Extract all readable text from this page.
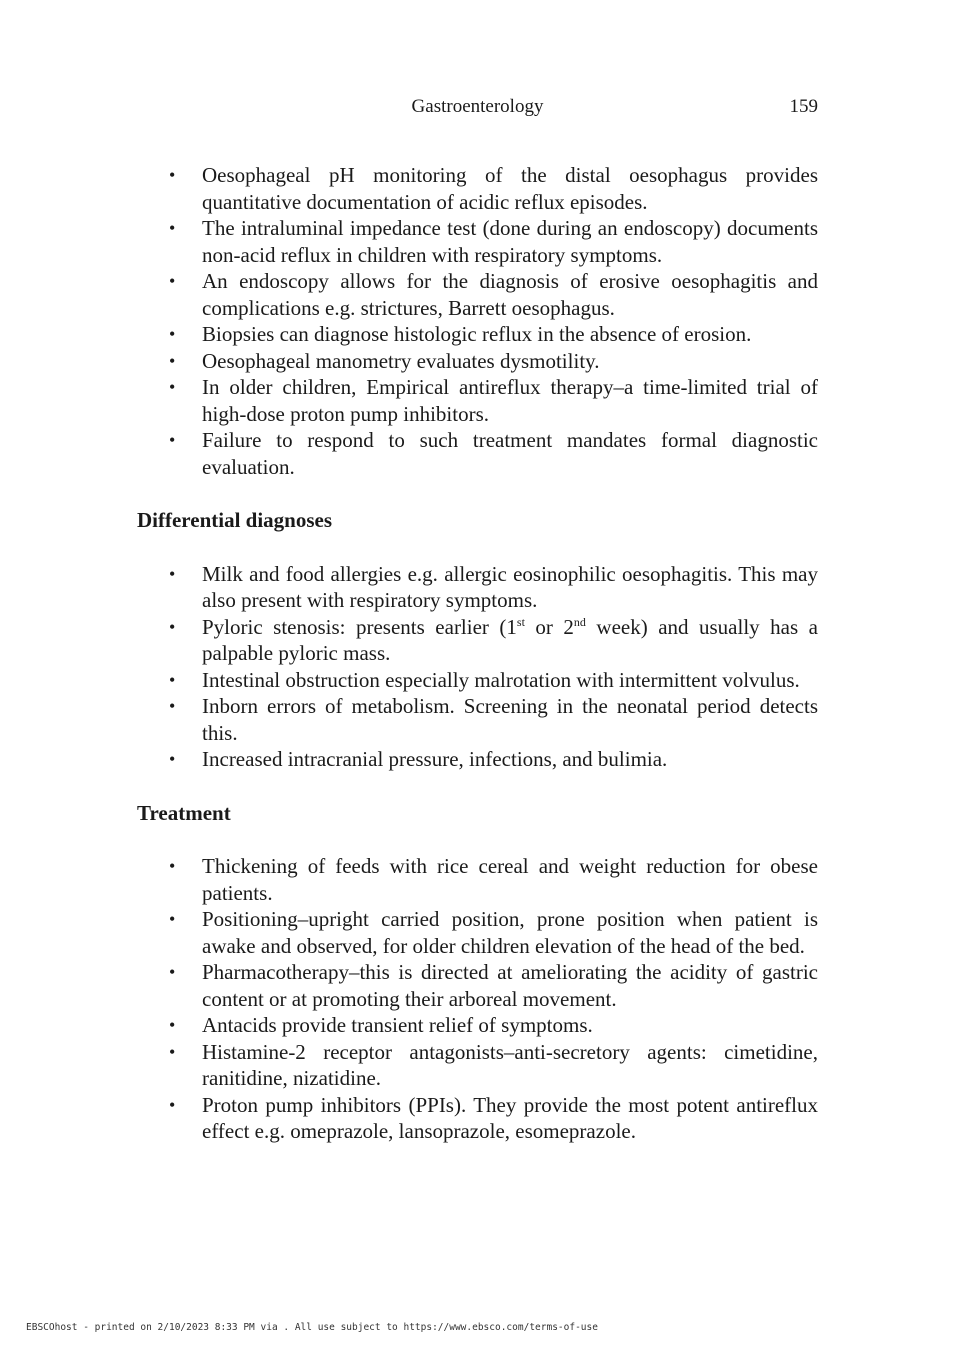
Gastroenterology	159
• Oesophageal pH monitoring of the distal oesophagus provides quantitative documentation of acidic reflux episodes.
• The intraluminal impedance test (done during an endoscopy) documents non-acid reflux in children with respiratory symptoms.
• An endoscopy allows for the diagnosis of erosive oesophagitis and complications e.g. strictures, Barrett oesophagus.
• Biopsies can diagnose histologic reflux in the absence of erosion.
• Oesophageal manometry evaluates dysmotility.
• In older children, Empirical antireflux therapy–a time-limited trial of high-dose proton pump inhibitors.
• Failure to respond to such treatment mandates formal diagnostic evaluation.
Differential diagnoses
• Milk and food allergies e.g. allergic eosinophilic oesophagitis. This may also present with respiratory symptoms.
• Pyloric stenosis: presents earlier (1st or 2nd week) and usually has a palpable pyloric mass.
• Intestinal obstruction especially malrotation with intermittent volvulus.
• Inborn errors of metabolism. Screening in the neonatal period detects this.
• Increased intracranial pressure, infections, and bulimia.
Treatment
• Thickening of feeds with rice cereal and weight reduction for obese patients.
• Positioning–upright carried position, prone position when patient is awake and observed, for older children elevation of the head of the bed.
• Pharmacotherapy–this is directed at ameliorating the acidity of gastric content or at promoting their arboreal movement.
• Antacids provide transient relief of symptoms.
• Histamine-2 receptor antagonists–anti-secretory agents: cimetidine, ranitidine, nizatidine.
• Proton pump inhibitors (PPIs). They provide the most potent antireflux effect e.g. omeprazole, lansoprazole, esomeprazole.
EBSCOhost - printed on 2/10/2023 8:33 PM via . All use subject to https://www.ebsco.com/terms-of-use
